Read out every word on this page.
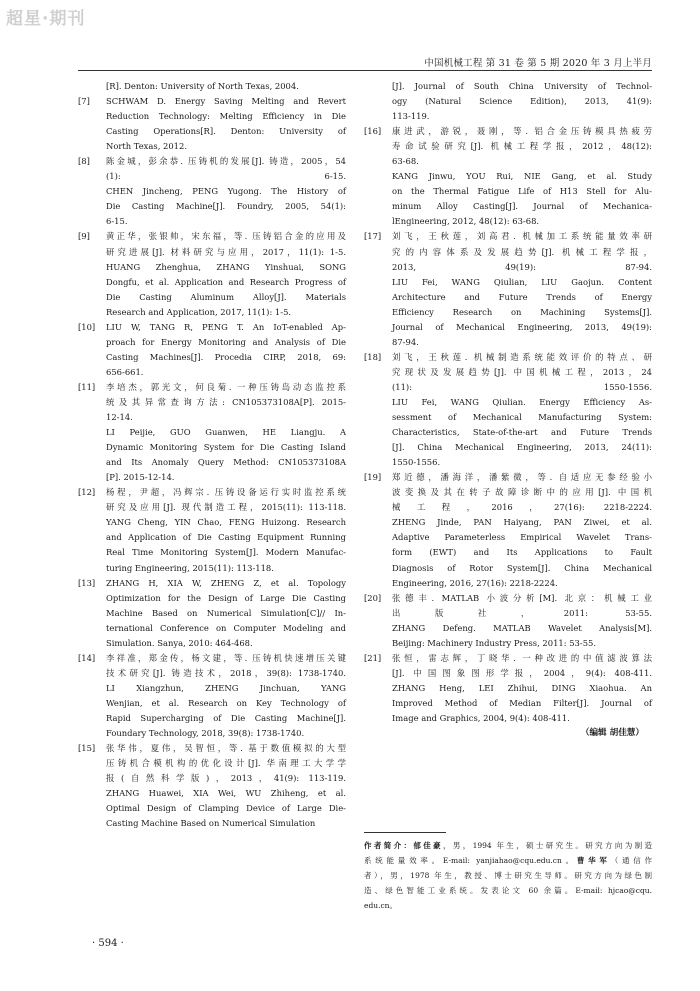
超星·期刊
中国机械工程 第 31 卷 第 5 期 2020 年 3 月上半月
[R]. Denton: University of North Texas, 2004.
[7]	SCHWAM D. Energy Saving Melting and Revert
Reduction Technology: Melting Efficiency in Die
Casting Operations[R]. Denton: University of
North Texas, 2012.
[8]	陈金城，彭余恭. 压铸机的发展[J]. 铸造，2005，54
(1): 6-15.
CHEN Jincheng, PENG Yugong. The History of
Die Casting Machine[J]. Foundry, 2005, 54(1):
6-15.
[9]	黄正华，张银帅，宋东福，等. 压铸铝合金的应用及
研究进展[J]. 材料研究与应用，2017，11(1): 1-5.
HUANG Zhenghua, ZHANG Yinshuai, SONG
Dongfu, et al. Application and Research Progress of
Die Casting Aluminum Alloy[J]. Materials
Research and Application, 2017, 11(1): 1-5.
[10]	LIU W, TANG R, PENG T. An IoT-enabled Ap-
proach for Energy Monitoring and Analysis of Die
Casting Machines[J]. Procedia CIRP, 2018, 69:
656-661.
[11]	李培杰，郭光文，何良菊. 一种压铸岛动态监控系
统及其异常查询方法: CN105373108A[P]. 2015-
12-14.
LI Peijie, GUO Guanwen, HE Liangju. A
Dynamic Monitoring System for Die Casting Island
and Its Anomaly Query Method: CN105373108A
[P]. 2015-12-14.
[12]	杨程，尹超，冯辉宗. 压铸设备运行实时监控系统
研究及应用[J]. 现代制造工程，2015(11): 113-118.
YANG Cheng, YIN Chao, FENG Huizong. Research
and Application of Die Casting Equipment Running
Real Time Monitoring System[J]. Modern Manufac-
turing Engineering, 2015(11): 113-118.
[13]	ZHANG H, XIA W, ZHENG Z, et al. Topology
Optimization for the Design of Large Die Casting
Machine Based on Numerical Simulation[C]// In-
ternational Conference on Computer Modeling and
Simulation. Sanya, 2010: 464-468.
[14]	李祥准，郑金传，杨文建，等. 压铸机快速增压关键
技术研究[J]. 铸造技术，2018，39(8): 1738-1740.
LI Xiangzhun, ZHENG Jinchuan, YANG
Wenjian, et al. Research on Key Technology of
Rapid Supercharging of Die Casting Machine[J].
Foundary Technology, 2018, 39(8): 1738-1740.
[15]	张华伟，夏伟，吴智恒，等. 基于数值模拟的大型
压铸机合模机构的优化设计[J]. 华南理工大学学
报(自然科学版)，2013，41(9): 113-119.
ZHANG Huawei, XIA Wei, WU Zhiheng, et al.
Optimal Design of Clamping Device of Large Die-
Casting Machine Based on Numerical Simulation
[J]. Journal of South China University of Technol-
ogy (Natural Science Edition), 2013, 41(9):
113-119.
[16]	康进武，游锐，聂刚，等. 铝合金压铸模具热疲劳
寿命试验研究[J]. 机械工程学报，2012，48(12):
63-68.
KANG Jinwu, YOU Rui, NIE Gang, et al. Study
on the Thermal Fatigue Life of H13 Stell for Alu-
minum Alloy Casting[J]. Journal of Mechanica-
lEngineering, 2012, 48(12): 63-68.
[17]	刘飞，王秋莲，刘高君. 机械加工系统能量效率研
究的内容体系及发展趋势[J]. 机械工程学报，
2013, 49(19): 87-94.
LIU Fei, WANG Qiulian, LIU Gaojun. Content
Architecture and Future Trends of Energy
Efficiency Research on Machining Systems[J].
Journal of Mechanical Engineering, 2013, 49(19):
87-94.
[18]	刘飞，王秋莲. 机械制造系统能效评价的特点、研
究现状及发展趋势[J]. 中国机械工程，2013，24
(11): 1550-1556.
LIU Fei, WANG Qiulian. Energy Efficiency As-
sessment of Mechanical Manufacturing System:
Characteristics, State-of-the-art and Future Trends
[J]. China Mechanical Engineering, 2013, 24(11):
1550-1556.
[19]	郑近德，潘海洋，潘紫微，等. 自适应无参经验小
波变换及其在转子故障诊断中的应用[J]. 中国机
械工程，2016，27(16): 2218-2224.
ZHENG Jinde, PAN Haiyang, PAN Ziwei, et al.
Adaptive Parameterless Empirical Wavelet Trans-
form (EWT) and Its Applications to Fault
Diagnosis of Rotor System[J]. China Mechanical
Engineering, 2016, 27(16): 2218-2224.
[20]	张德丰. MATLAB 小波分析[M]. 北京：机械工业
出版社，2011: 53-55.
ZHANG Defeng. MATLAB Wavelet Analysis[M].
Beijing: Machinery Industry Press, 2011: 53-55.
[21]	张恒，雷志辉，丁晓华. 一种改进的中值滤波算法
[J]. 中国图象图形学报，2004，9(4): 408-411.
ZHANG Heng, LEI Zhihui, DING Xiaohua. An
Improved Method of Median Filter[J]. Journal of
Image and Graphics, 2004, 9(4): 408-411.
（编辑 胡佳慧）
作者简介：郁佳豪，男，1994 年生，硕士研究生。研究方向为制造
系统能量效率。E-mail: yanjiahao@cqu.edu.cn。曹华军（通信作
者），男，1978 年生，教授、博士研究生导师。研究方向为绿色制
造、绿色智能工业系统。发表论文 60 余篇。E-mail: hjcao@cqu.
edu.cn。
· 594 ·
